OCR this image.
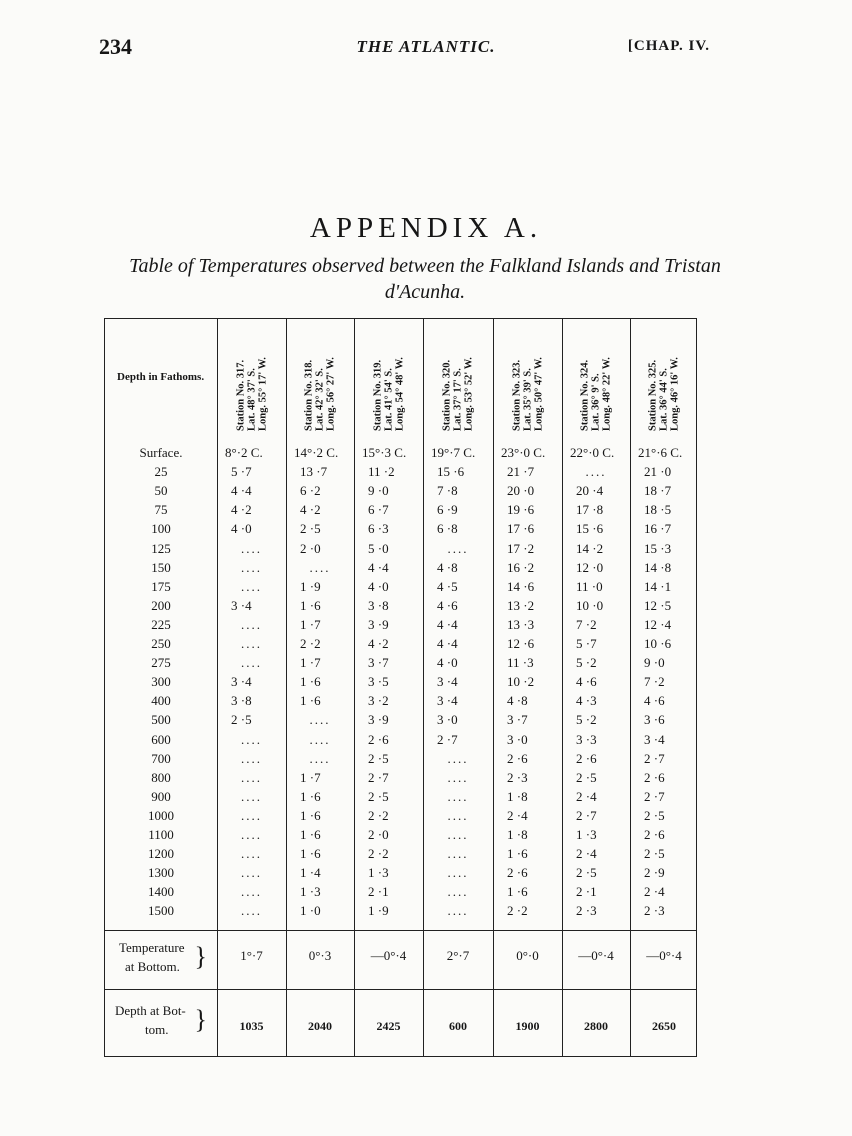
234	THE ATLANTIC.	[CHAP. IV.
APPENDIX A.
Table of Temperatures observed between the Falkland Islands and Tristan d'Acunha.
Depth in Fathoms.	Station No. 317. Lat. 48° 37' S. Long. 55° 17' W.	Station No. 318. Lat. 42° 32' S. Long. 56° 27' W.	Station No. 319. Lat. 41° 54' S. Long. 54° 48' W.	Station No. 320. Lat. 37° 17' S. Long. 53° 52' W.	Station No. 323. Lat. 35° 39' S. Long. 50° 47' W.	Station No. 324. Lat. 36° 9' S. Long. 48° 22' W.	Station No. 325. Lat. 36° 44' S. Long. 46° 16' W.
Surface.	8°·2 C.	14°·2 C.	15°·3 C.	19°·7 C.	23°·0 C.	22°·0 C.	21°·6 C.
25	5 ·7	13 ·7	11 ·2	15 ·6	21 ·7	....	21 ·0
50	4 ·4	6 ·2	9 ·0	7 ·8	20 ·0	20 ·4	18 ·7
75	4 ·2	4 ·2	6 ·7	6 ·9	19 ·6	17 ·8	18 ·5
100	4 ·0	2 ·5	6 ·3	6 ·8	17 ·6	15 ·6	16 ·7
125	....	2 ·0	5 ·0	....	17 ·2	14 ·2	15 ·3
150	....	....	4 ·4	4 ·8	16 ·2	12 ·0	14 ·8
175	....	1 ·9	4 ·0	4 ·5	14 ·6	11 ·0	14 ·1
200	3 ·4	1 ·6	3 ·8	4 ·6	13 ·2	10 ·0	12 ·5
225	....	1 ·7	3 ·9	4 ·4	13 ·3	7 ·2	12 ·4
250	....	2 ·2	4 ·2	4 ·4	12 ·6	5 ·7	10 ·6
275	....	1 ·7	3 ·7	4 ·0	11 ·3	5 ·2	9 ·0
300	3 ·4	1 ·6	3 ·5	3 ·4	10 ·2	4 ·6	7 ·2
400	3 ·8	1 ·6	3 ·2	3 ·4	4 ·8	4 ·3	4 ·6
500	2 ·5	....	3 ·9	3 ·0	3 ·7	5 ·2	3 ·6
600	....	....	2 ·6	2 ·7	3 ·0	3 ·3	3 ·4
700	....	....	2 ·5	....	2 ·6	2 ·6	2 ·7
800	....	1 ·7	2 ·7	....	2 ·3	2 ·5	2 ·6
900	....	1 ·6	2 ·5	....	1 ·8	2 ·4	2 ·7
1000	....	1 ·6	2 ·2	....	2 ·4	2 ·7	2 ·5
1100	....	1 ·6	2 ·0	....	1 ·8	1 ·3	2 ·6
1200	....	1 ·6	2 ·2	....	1 ·6	2 ·4	2 ·5
1300	....	1 ·4	1 ·3	....	2 ·6	2 ·5	2 ·9
1400	....	1 ·3	2 ·1	....	1 ·6	2 ·1	2 ·4
1500	....	1 ·0	1 ·9	....	2 ·2	2 ·3	2 ·3
Temperature
at Bottom. }	1°·7	0°·3	—0°·4	2°·7	0°·0	—0°·4	—0°·4
Depth at Bot-
tom.	}	1035	2040	2425	600	1900	2800	2650
